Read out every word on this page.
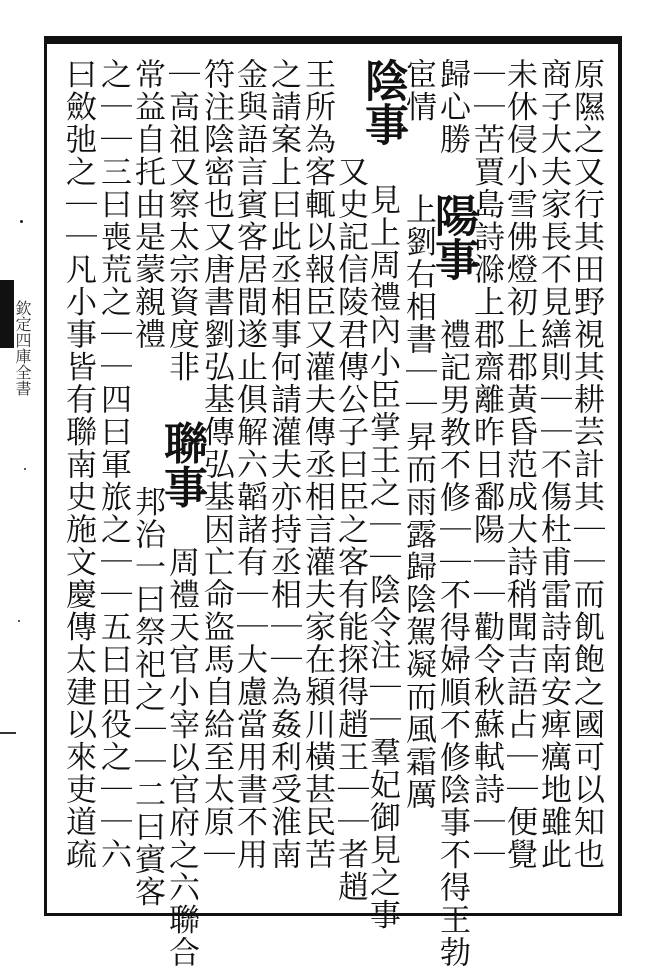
欽定四庫全書	原隰之又行其田野視其耕芸計其｜｜而飢飽之國可以知也
商子大夫家長不見繕則｜｜不傷杜甫雷詩南安痺癘地雖此
未休侵小雪佛燈初上郡黃昏范成大詩稍聞吉語占｜｜便覺
｜｜苦賈島詩滁上郡齋離昨日鄱陽｜｜勸令秋蘇軾詩｜｜
歸心勝 陽事 禮記男教不修｜｜不得婦順不修陰事不得王勃
宦情　 上劉右相書｜｜昇而雨露歸陰駕凝而風霜厲
陰事 見上周禮內小臣掌王之｜｜陰令注｜｜羣妃御見之事
　　　又史記信陵君傳公子曰臣之客有能探得趙王｜｜者趙
王所為客輒以報臣又灌夫傳丞相言灌夫家在潁川橫甚民苦
之請案上曰此丞相事何請灌夫亦持丞相｜｜為姦利受淮南
金與語言賓客居間遂止俱解六韜諸有｜｜大慮當用書不用
符注陰密也又唐書劉弘基傳弘基因亡命盜馬自給至太原｜
｜高祖又察太宗資度非 聯事 周禮天官小宰以官府之六聯合
常益自托由是蒙親禮　　　 邦治一曰祭祀之｜｜二曰賓客
之｜｜三曰喪荒之｜｜四曰軍旅之｜｜五曰田役之｜｜六
曰斂弛之｜｜凡小事皆有聯南史施文慶傳太建以來吏道疏
